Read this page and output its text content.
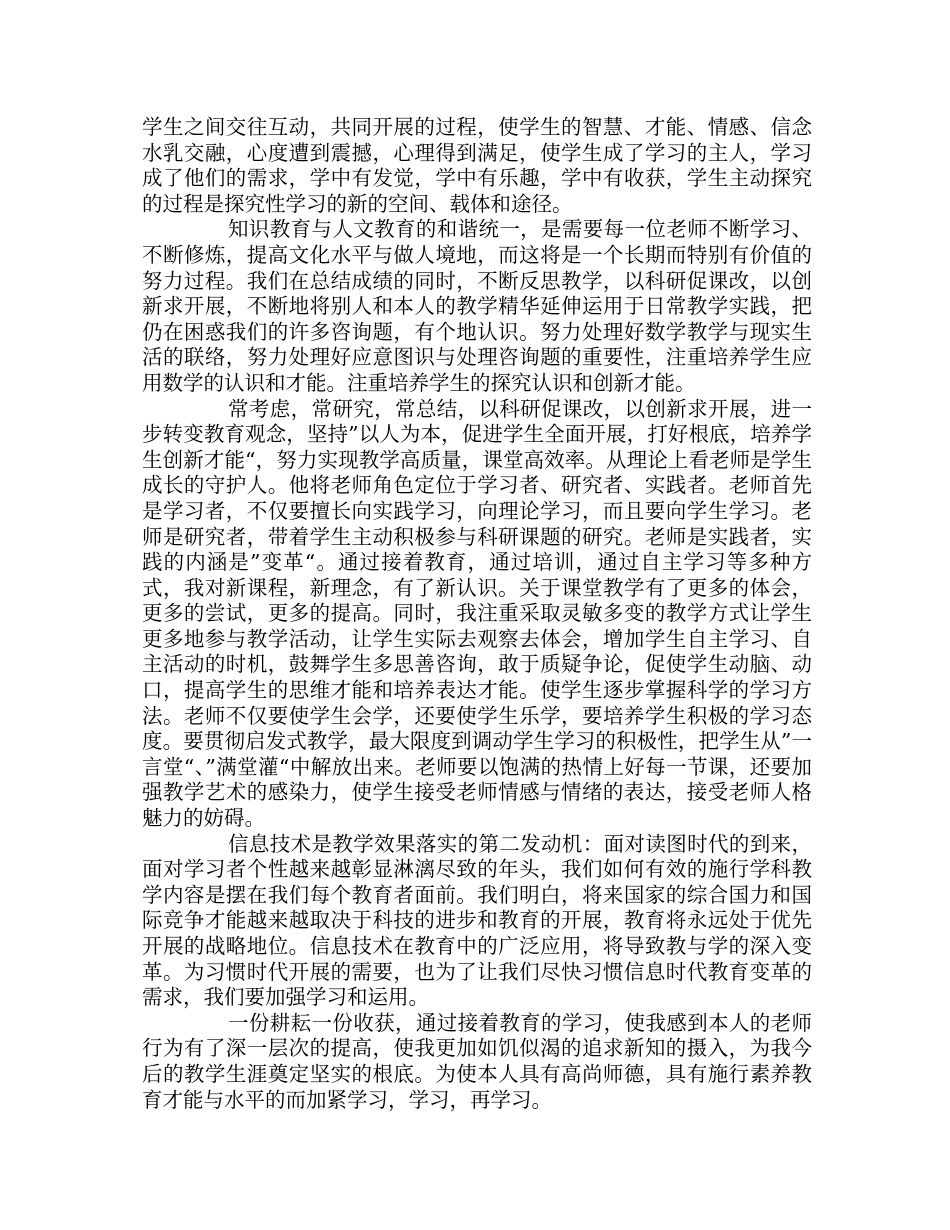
学生之间交往互动，共同开展的过程，使学生的智慧、才能、情感、信念水乳交融，心度遭到震撼，心理得到满足，使学生成了学习的主人，学习成了他们的需求，学中有发觉，学中有乐趣，学中有收获，学生主动探究的过程是探究性学习的新的空间、载体和途径。

知识教育与人文教育的和谐统一，是需要每一位老师不断学习、不断修炼，提高文化水平与做人境地，而这将是一个长期而特别有价值的努力过程。我们在总结成绩的同时，不断反思教学，以科研促课改，以创新求开展，不断地将别人和本人的教学精华延伸运用于日常教学实践，把仍在困惑我们的许多咨询题，有个地认识。努力处理好数学教学与现实生活的联络，努力处理好应意图识与处理咨询题的重要性，注重培养学生应用数学的认识和才能。注重培养学生的探究认识和创新才能。

常考虑，常研究，常总结，以科研促课改，以创新求开展，进一步转变教育观念，坚持”以人为本，促进学生全面开展，打好根底，培养学生创新才能“，努力实现教学高质量，课堂高效率。从理论上看老师是学生成长的守护人。他将老师角色定位于学习者、研究者、实践者。老师首先是学习者，不仅要擅长向实践学习，向理论学习，而且要向学生学习。老师是研究者，带着学生主动积极参与科研课题的研究。老师是实践者，实践的内涵是”变革“。通过接着教育，通过培训，通过自主学习等多种方式，我对新课程，新理念，有了新认识。关于课堂教学有了更多的体会，更多的尝试，更多的提高。同时，我注重采取灵敏多变的教学方式让学生更多地参与教学活动，让学生实际去观察去体会，增加学生自主学习、自主活动的时机，鼓舞学生多思善咨询，敢于质疑争论，促使学生动脑、动口，提高学生的思维才能和培养表达才能。使学生逐步掌握科学的学习方法。老师不仅要使学生会学，还要使学生乐学，要培养学生积极的学习态度。要贯彻启发式教学，最大限度到调动学生学习的积极性，把学生从”一言堂“、”满堂灌“中解放出来。老师要以饱满的热情上好每一节课，还要加强教学艺术的感染力，使学生接受老师情感与情绪的表达，接受老师人格魅力的妨碍。

信息技术是教学效果落实的第二发动机：面对读图时代的到来，面对学习者个性越来越彰显淋漓尽致的年头，我们如何有效的施行学科教学内容是摆在我们每个教育者面前。我们明白，将来国家的综合国力和国际竞争才能越来越取决于科技的进步和教育的开展，教育将永远处于优先开展的战略地位。信息技术在教育中的广泛应用，将导致教与学的深入变革。为习惯时代开展的需要，也为了让我们尽快习惯信息时代教育变革的需求，我们要加强学习和运用。

一份耕耘一份收获，通过接着教育的学习，使我感到本人的老师行为有了深一层次的提高，使我更加如饥似渴的追求新知的摄入，为我今后的教学生涯奠定坚实的根底。为使本人具有高尚师德，具有施行素养教育才能与水平的而加紧学习，学习，再学习。
